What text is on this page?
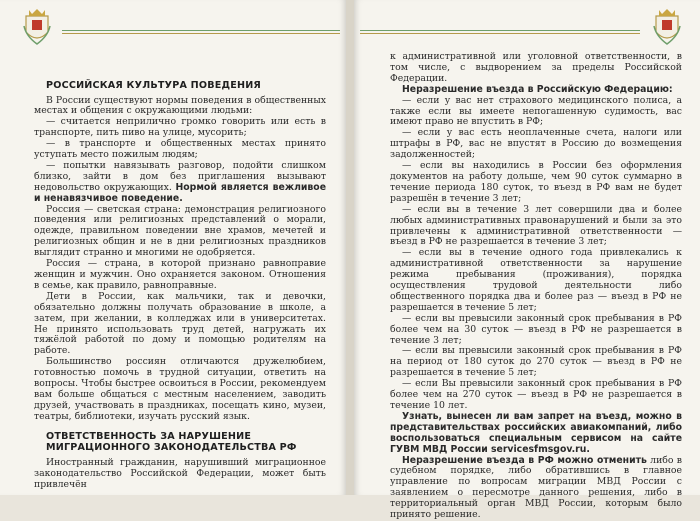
РОССИЙСКАЯ КУЛЬТУРА ПОВЕДЕНИЯ

В России существуют нормы поведения в общественных местах и общения с окружающими людьми:

— считается неприлично громко говорить или есть в транспорте, пить пиво на улице, мусорить;

— в транспорте и общественных местах принято уступать место пожилым людям;

— попытки навязывать разговор, подойти слишком близко, зайти в дом без приглашения вызывают недовольство окружающих. Нормой является вежливое и ненавязчивое поведение.

Россия — светская страна: демонстрация религиозного поведения или религиозных представлений о морали, одежде, правильном поведении вне храмов, мечетей и религиозных общин и не в дни религиозных праздников выглядит странно и многими не одобряется.

Россия — страна, в которой признано равноправие женщин и мужчин. Оно охраняется законом. Отношения в семье, как правило, равноправные.

Дети в России, как мальчики, так и девочки, обязательно должны получать образование в школе, а затем, при желании, в колледжах или в университетах. Не принято использовать труд детей, нагружать их тяжёлой работой по дому и помощью родителям на работе.

Большинство россиян отличаются дружелюбием, готовностью помочь в трудной ситуации, ответить на вопросы. Чтобы быстрее освоиться в России, рекомендуем вам больше общаться с местным населением, заводить друзей, участвовать в праздниках, посещать кино, музеи, театры, библиотеки, изучать русский язык.

ОТВЕТСТВЕННОСТЬ ЗА НАРУШЕНИЕ
МИГРАЦИОННОГО ЗАКОНОДАТЕЛЬСТВА РФ

Иностранный гражданин, нарушивший миграционное законодательство Российской Федерации, может быть привлечён

к административной или уголовной ответственности, в том числе, с выдворением за пределы Российской Федерации.

Неразрешение въезда в Российскую Федерацию:

— если у вас нет страхового медицинского полиса, а также если вы имеете непогашенную судимость, вас имеют право не впустить в РФ;

— если у вас есть неоплаченные счета, налоги или штрафы в РФ, вас не впустят в Россию до возмещения задолженностей;

— если вы находились в России без оформления документов на работу дольше, чем 90 суток суммарно в течение периода 180 суток, то въезд в РФ вам не будет разрешён в течение 3 лет;

— если вы в течение 3 лет совершили два и более любых административных правонарушений и были за это привлечены к административной ответственности — въезд в РФ не разрешается в течение 3 лет;

— если вы в течение одного года привлекались к административной ответственности за нарушение режима пребывания (проживания), порядка осуществления трудовой деятельности либо общественного порядка два и более раз — въезд в РФ не разрешается в течение 5 лет;

— если вы превысили законный срок пребывания в РФ более чем на 30 суток — въезд в РФ не разрешается в течение 3 лет;

— если вы превысили законный срок пребывания в РФ на период от 180 суток до 270 суток — въезд в РФ не разрешается в течение 5 лет;

— если Вы превысили законный срок пребывания в РФ более чем на 270 суток — въезд в РФ не разрешается в течение 10 лет.

Узнать, вынесен ли вам запрет на въезд, можно в представительствах российских авиакомпаний, либо воспользоваться специальным сервисом на сайте ГУВМ МВД России servicesfmsgov.ru.

Неразрешение въезда в РФ можно отменить либо в судебном порядке, либо обратившись в главное управление по вопросам миграции МВД России с заявлением о пересмотре данного решения, либо в территориальный орган МВД России, которым было принято решение.
